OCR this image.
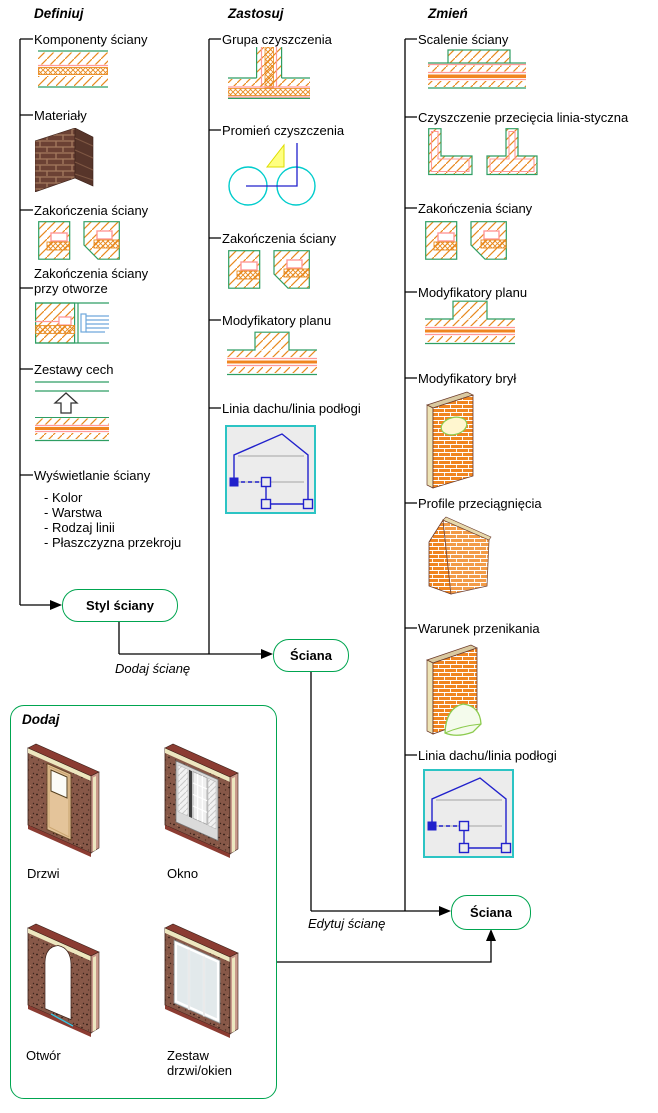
Definiuj	Zastosuj	Zmień
Komponenty ściany
Materiały
Zakończenia ściany
Zakończenia ściany przy otworze
Zestawy cech
Wyświetlanie ściany
- Kolor
- Warstwa
- Rodzaj linii
- Płaszczyzna przekroju
Styl ściany
Grupa czyszczenia
Promień czyszczenia
Zakończenia ściany
Modyfikatory planu
Linia dachu/linia podłogi
Ściana
Dodaj ścianę
Scalenie ściany
Czyszczenie przecięcia linia-styczna
Zakończenia ściany
Modyfikatory planu
Modyfikatory brył
Profile przeciągnięcia
Warunek przenikania
Linia dachu/linia podłogi
Ściana
Edytuj ścianę
Dodaj
Drzwi	Okno
Otwór	Zestaw drzwi/okien
